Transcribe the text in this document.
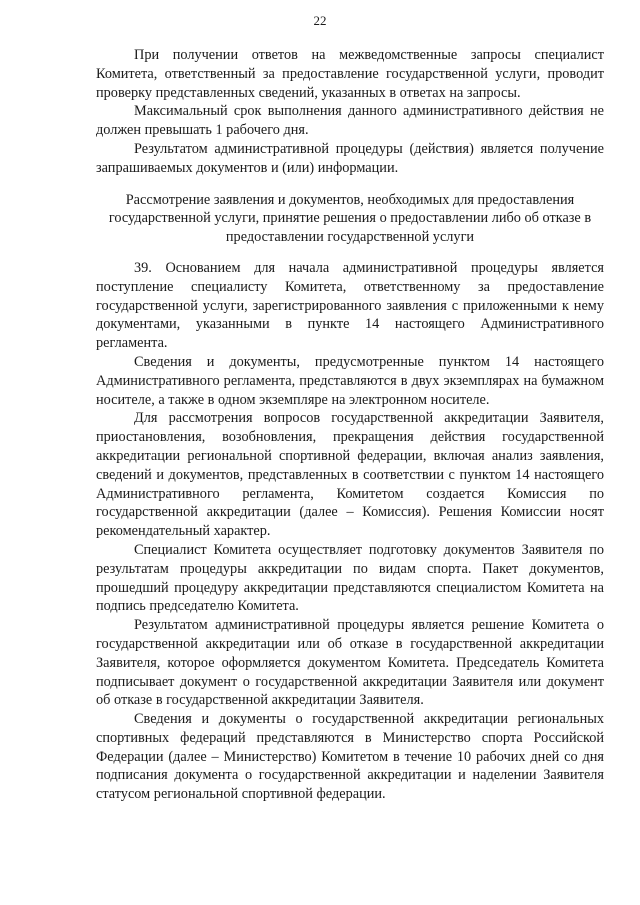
22

При получении ответов на межведомственные запросы специалист Комитета, ответственный за предоставление государственной услуги, проводит проверку представленных сведений, указанных в ответах на запросы.

Максимальный срок выполнения данного административного действия не должен превышать 1 рабочего дня.

Результатом административной процедуры (действия) является получение запрашиваемых документов и (или) информации.

Рассмотрение заявления и документов, необходимых для предоставления государственной услуги, принятие решения о предоставлении либо об отказе в предоставлении государственной услуги

39. Основанием для начала административной процедуры является поступление специалисту Комитета, ответственному за предоставление государственной услуги, зарегистрированного заявления с приложенными к нему документами, указанными в пункте 14 настоящего Административного регламента.

Сведения и документы, предусмотренные пунктом 14 настоящего Административного регламента, представляются в двух экземплярах на бумажном носителе, а также в одном экземпляре на электронном носителе.

Для рассмотрения вопросов государственной аккредитации Заявителя, приостановления, возобновления, прекращения действия государственной аккредитации региональной спортивной федерации, включая анализ заявления, сведений и документов, представленных в соответствии с пунктом 14 настоящего Административного регламента, Комитетом создается Комиссия по государственной аккредитации (далее – Комиссия). Решения Комиссии носят рекомендательный характер.

Специалист Комитета осуществляет подготовку документов Заявителя по результатам процедуры аккредитации по видам спорта. Пакет документов, прошедший процедуру аккредитации представляются специалистом Комитета на подпись председателю Комитета.

Результатом административной процедуры является решение Комитета о государственной аккредитации или об отказе в государственной аккредитации Заявителя, которое оформляется документом Комитета. Председатель Комитета подписывает документ о государственной аккредитации Заявителя или документ об отказе в государственной аккредитации Заявителя.

Сведения и документы о государственной аккредитации региональных спортивных федераций представляются в Министерство спорта Российской Федерации (далее – Министерство) Комитетом в течение 10 рабочих дней со дня подписания документа о государственной аккредитации и наделении Заявителя статусом региональной спортивной федерации.
